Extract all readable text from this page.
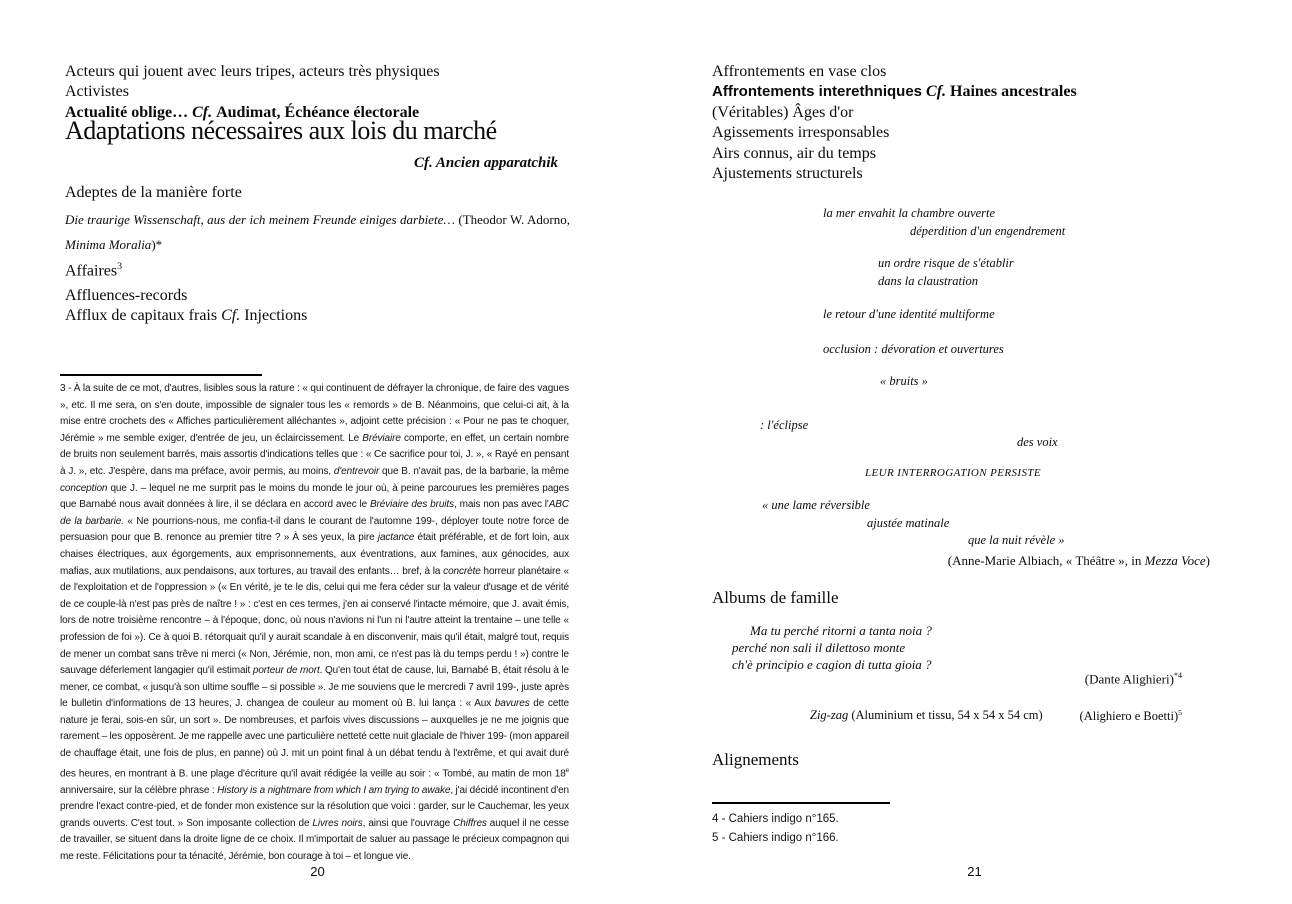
Acteurs qui jouent avec leurs tripes, acteurs très physiques
Activistes
Actualité oblige… Cf. Audimat, Échéance électorale
Adaptations nécessaires aux lois du marché
Cf. Ancien apparatchik
Adeptes de la manière forte
Die traurige Wissenschaft, aus der ich meinem Freunde einiges darbiete… (Theodor W. Adorno, Minima Moralia)*
Affaires$^3$
Affluences-records
Afflux de capitaux frais Cf. Injections
3 - À la suite de ce mot, d'autres, lisibles sous la rature : « qui continuent de défrayer la chronique, de faire des vagues », etc. Il me sera, on s'en doute, impossible de signaler tous les « remords » de B. Néanmoins, que celui-ci ait, à la mise entre crochets des « Affiches particulièrement alléchantes », adjoint cette précision : « Pour ne pas te choquer, Jérémie » me semble exiger, d'entrée de jeu, un éclaircissement. Le Bréviaire comporte, en effet, un certain nombre de bruits non seulement barrés, mais assortis d'indications telles que : « Ce sacrifice pour toi, J. », « Rayé en pensant à J. », etc. J'espère, dans ma préface, avoir permis, au moins, d'entrevoir que B. n'avait pas, de la barbarie, la même conception que J. – lequel ne me surprit pas le moins du monde le jour où, à peine parcourues les premières pages que Barnabé nous avait données à lire, il se déclara en accord avec le Bréviaire des bruits, mais non pas avec l'ABC de la barbarie. « Ne pourrions-nous, me confia-t-il dans le courant de l'automne 199-, déployer toute notre force de persuasion pour que B. renonce au premier titre ? » À ses yeux, la pire jactance était préférable, et de fort loin, aux chaises électriques, aux égorgements, aux emprisonnements, aux éventrations, aux famines, aux génocides, aux mafias, aux mutilations, aux pendaisons, aux tortures, au travail des enfants… bref, à la concrète horreur planétaire « de l'exploitation et de l'oppression » (« En vérité, je te le dis, celui qui me fera céder sur la valeur d'usage et de vérité de ce couple-là n'est pas près de naître ! » : c'est en ces termes, j'en ai conservé l'intacte mémoire, que J. avait émis, lors de notre troisième rencontre – à l'époque, donc, où nous n'avions ni l'un ni l'autre atteint la trentaine – une telle « profession de foi »). Ce à quoi B. rétorquait qu'il y aurait scandale à en disconvenir, mais qu'il était, malgré tout, requis de mener un combat sans trêve ni merci (« Non, Jérémie, non, mon ami, ce n'est pas là du temps perdu ! ») contre le sauvage déferlement langagier qu'il estimait porteur de mort. Qu'en tout état de cause, lui, Barnabé B, était résolu à le mener, ce combat, « jusqu'à son ultime souffle – si possible ». Je me souviens que le mercredi 7 avril 199-, juste après le bulletin d'informations de 13 heures, J. changea de couleur au moment où B. lui lança : « Aux bavures de cette nature je ferai, sois-en sûr, un sort ». De nombreuses, et parfois vives discussions – auxquelles je ne me joignis que rarement – les opposèrent. Je me rappelle avec une particulière netteté cette nuit glaciale de l'hiver 199- (mon appareil de chauffage était, une fois de plus, en panne) où J. mit un point final à un débat tendu à l'extrême, et qui avait duré des heures, en montrant à B. une plage d'écriture qu'il avait rédigée la veille au soir : « Tombé, au matin de mon 18e anniversaire, sur la célèbre phrase : History is a nightmare from which I am trying to awake, j'ai décidé incontinent d'en prendre l'exact contre-pied, et de fonder mon existence sur la résolution que voici : garder, sur le Cauchemar, les yeux grands ouverts. C'est tout. » Son imposante collection de Livres noirs, ainsi que l'ouvrage Chiffres auquel il ne cesse de travailler, se situent dans la droite ligne de ce choix. Il m'importait de saluer au passage le précieux compagnon qui me reste. Félicitations pour ta ténacité, Jérémie, bon courage à toi – et longue vie.
20
Affrontements en vase clos
Affrontements interethniques Cf. Haines ancestrales
(Véritables) Âges d'or
Agissements irresponsables
Airs connus, air du temps
Ajustements structurels
la mer envahit la chambre ouverte
déperdition d'un engendrement
un ordre risque de s'établir
dans la claustration
le retour d'une identité multiforme
occlusion : dévoration et ouvertures
« bruits »
: l'éclipse
des voix
LEUR INTERROGATION PERSISTE
« une lame réversible
ajustée matinale
que la nuit révèle »
(Anne-Marie Albiach, « Théâtre », in Mezza Voce)
Albums de famille
Ma tu perché ritorni a tanta noia ?
perché non sali il dilettoso monte
ch'è principio e cagion di tutta gioia ?
(Dante Alighieri)$^{*4}$
Zig-zag (Aluminium et tissu, 54 x 54 x 54 cm)	(Alighiero e Boetti)$^5$
Alignements
4 - Cahiers indigo n°165.
5 - Cahiers indigo n°166.
21
